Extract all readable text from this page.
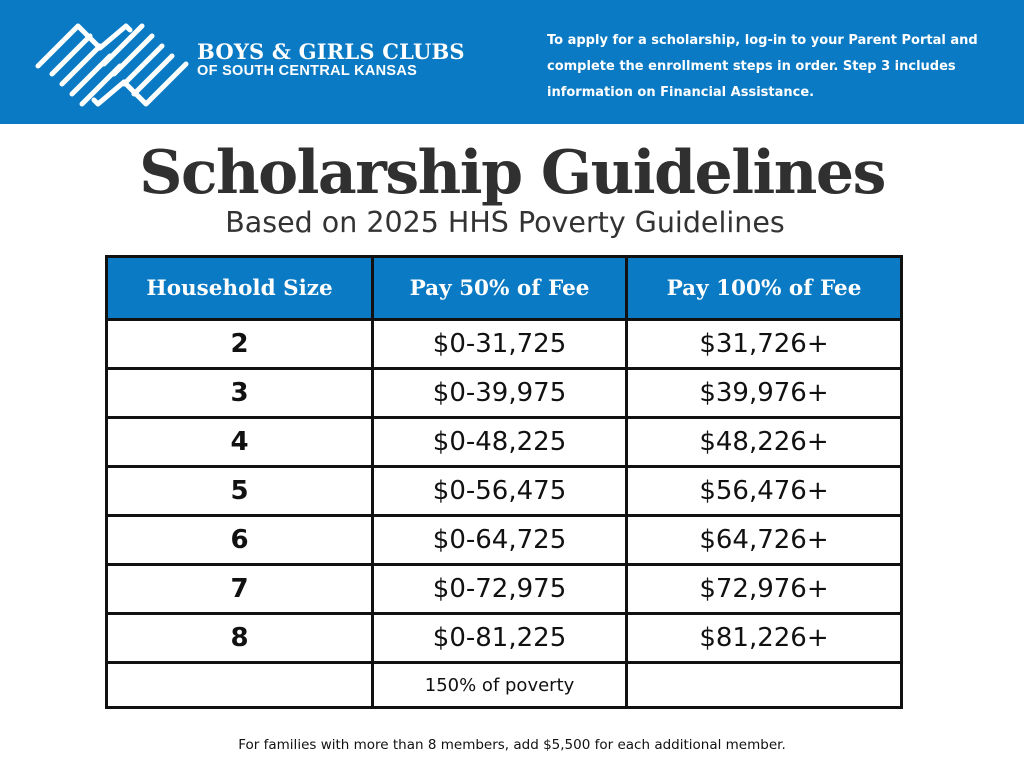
BOYS & GIRLS CLUBS
OF SOUTH CENTRAL KANSAS
To apply for a scholarship, log-in to your Parent Portal and complete the enrollment steps in order. Step 3 includes information on Financial Assistance.
Scholarship Guidelines
Based on 2025 HHS Poverty Guidelines
Household Size	Pay 50% of Fee	Pay 100% of Fee
2	$0-31,725	$31,726+
3	$0-39,975	$39,976+
4	$0-48,225	$48,226+
5	$0-56,475	$56,476+
6	$0-64,725	$64,726+
7	$0-72,975	$72,976+
8	$0-81,225	$81,226+
	150% of poverty	
For families with more than 8 members, add $5,500 for each additional member.
